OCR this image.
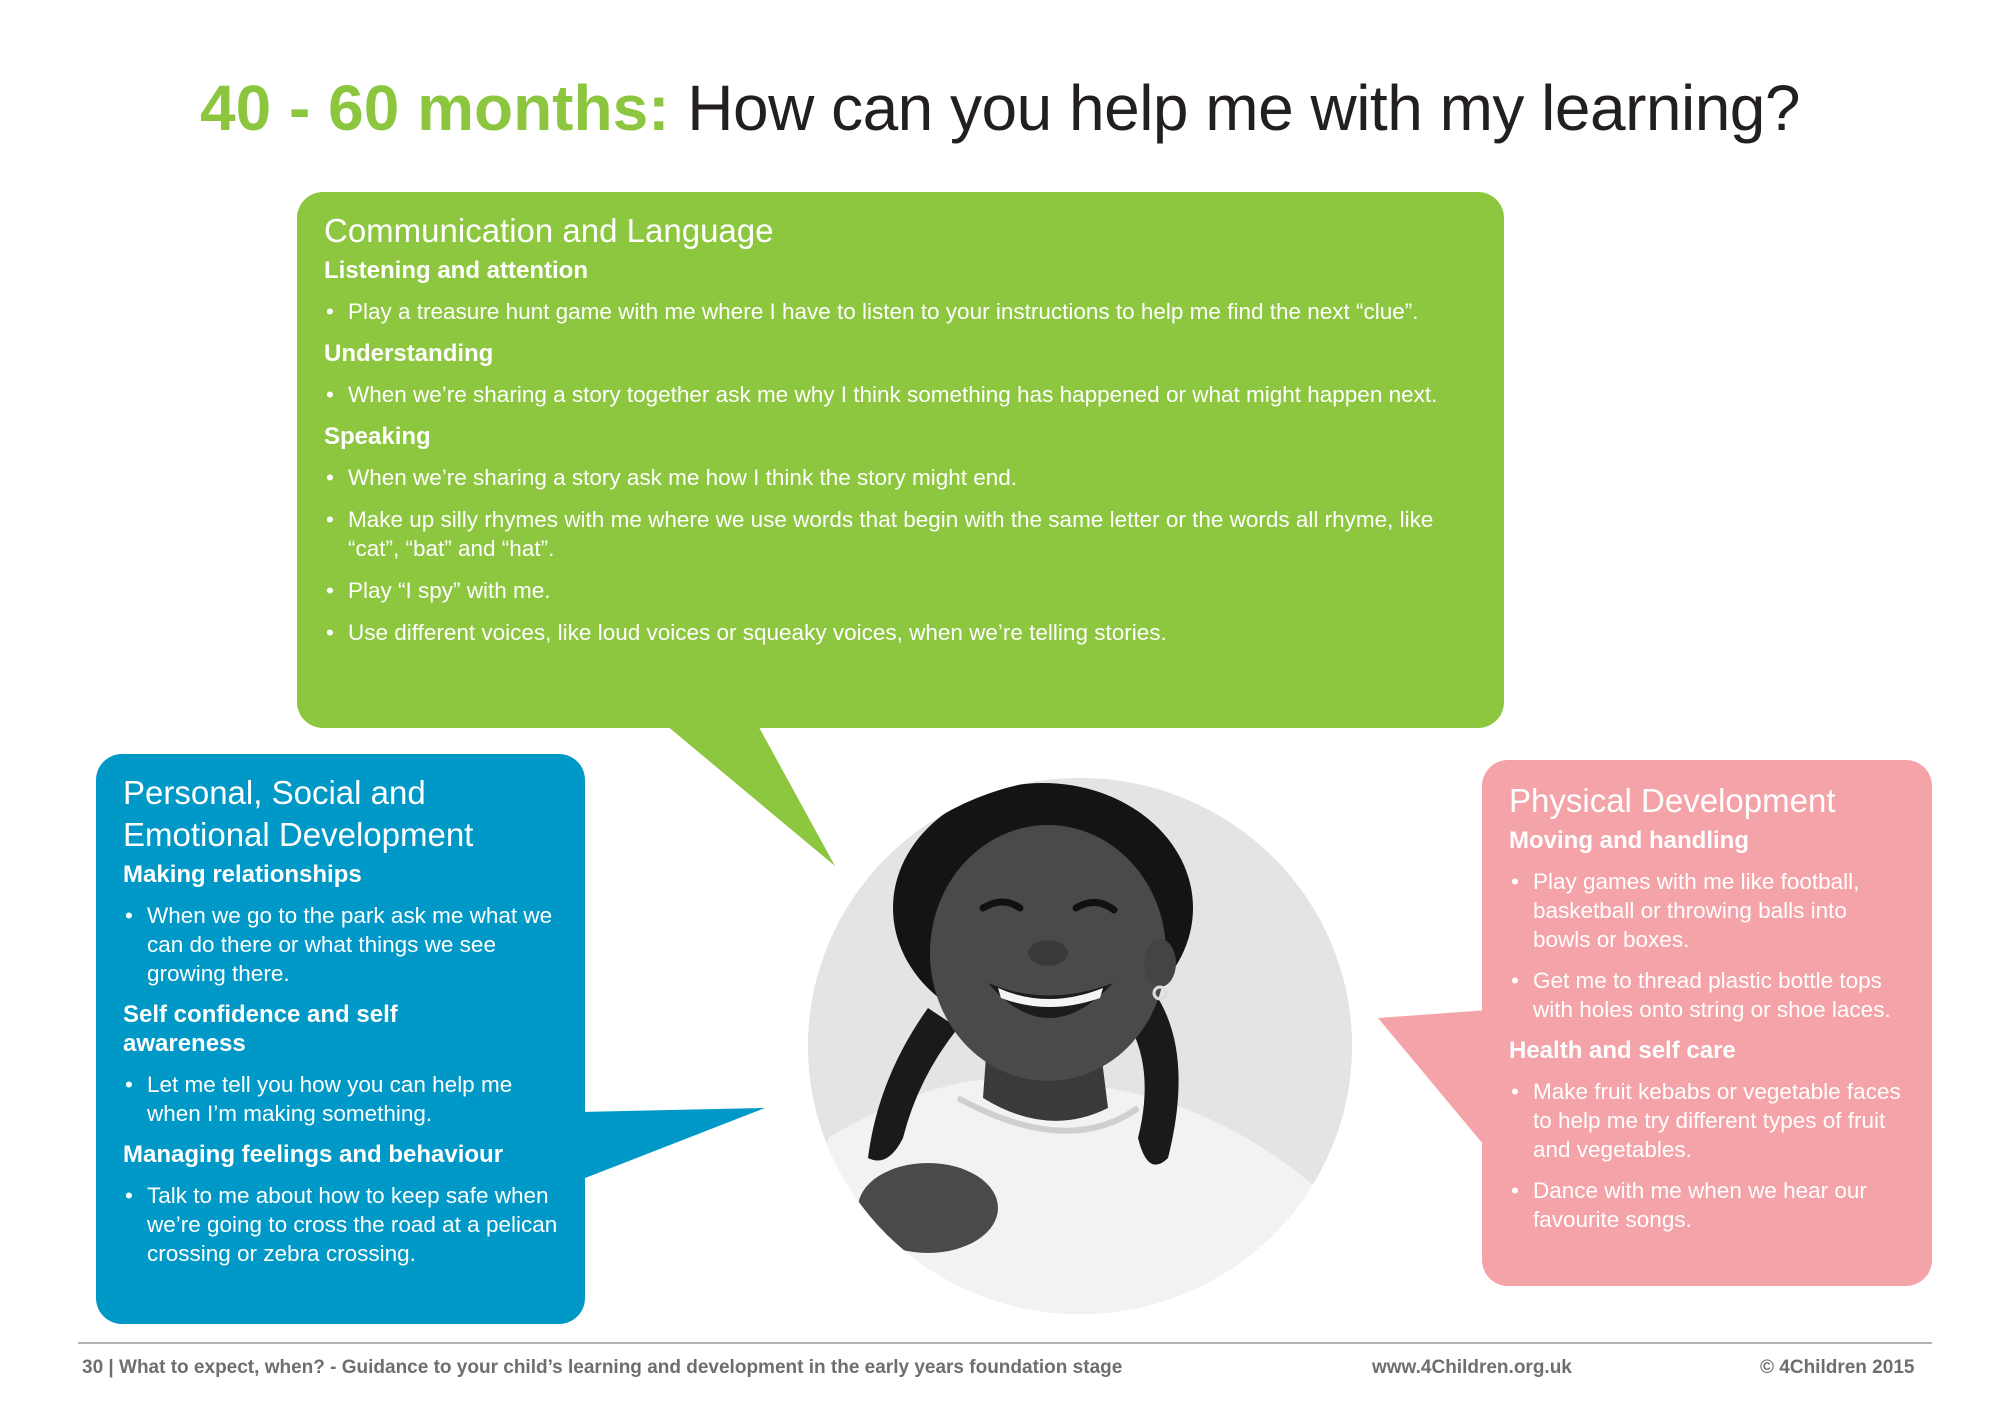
40 - 60 months: How can you help me with my learning?
Communication and Language
Listening and attention
• Play a treasure hunt game with me where I have to listen to your instructions to help me find the next “clue”.
Understanding
• When we’re sharing a story together ask me why I think something has happened or what might happen next.
Speaking
• When we’re sharing a story ask me how I think the story might end.
• Make up silly rhymes with me where we use words that begin with the same letter or the words all rhyme, like “cat”, “bat” and “hat”.
• Play “I spy” with me.
• Use different voices, like loud voices or squeaky voices, when we’re telling stories.
Personal, Social and
Emotional Development
Making relationships
• When we go to the park ask me what we can do there or what things we see growing there.
Self confidence and self awareness
• Let me tell you how you can help me when I’m making something.
Managing feelings and behaviour
• Talk to me about how to keep safe when we’re going to cross the road at a pelican crossing or zebra crossing.
Physical Development
Moving and handling
• Play games with me like football, basketball or throwing balls into bowls or boxes.
• Get me to thread plastic bottle tops with holes onto string or shoe laces.
Health and self care
• Make fruit kebabs or vegetable faces to help me try different types of fruit and vegetables.
• Dance with me when we hear our favourite songs.
30 | What to expect, when? - Guidance to your child’s learning and development in the early years foundation stage	www.4Children.org.uk	© 4Children 2015
